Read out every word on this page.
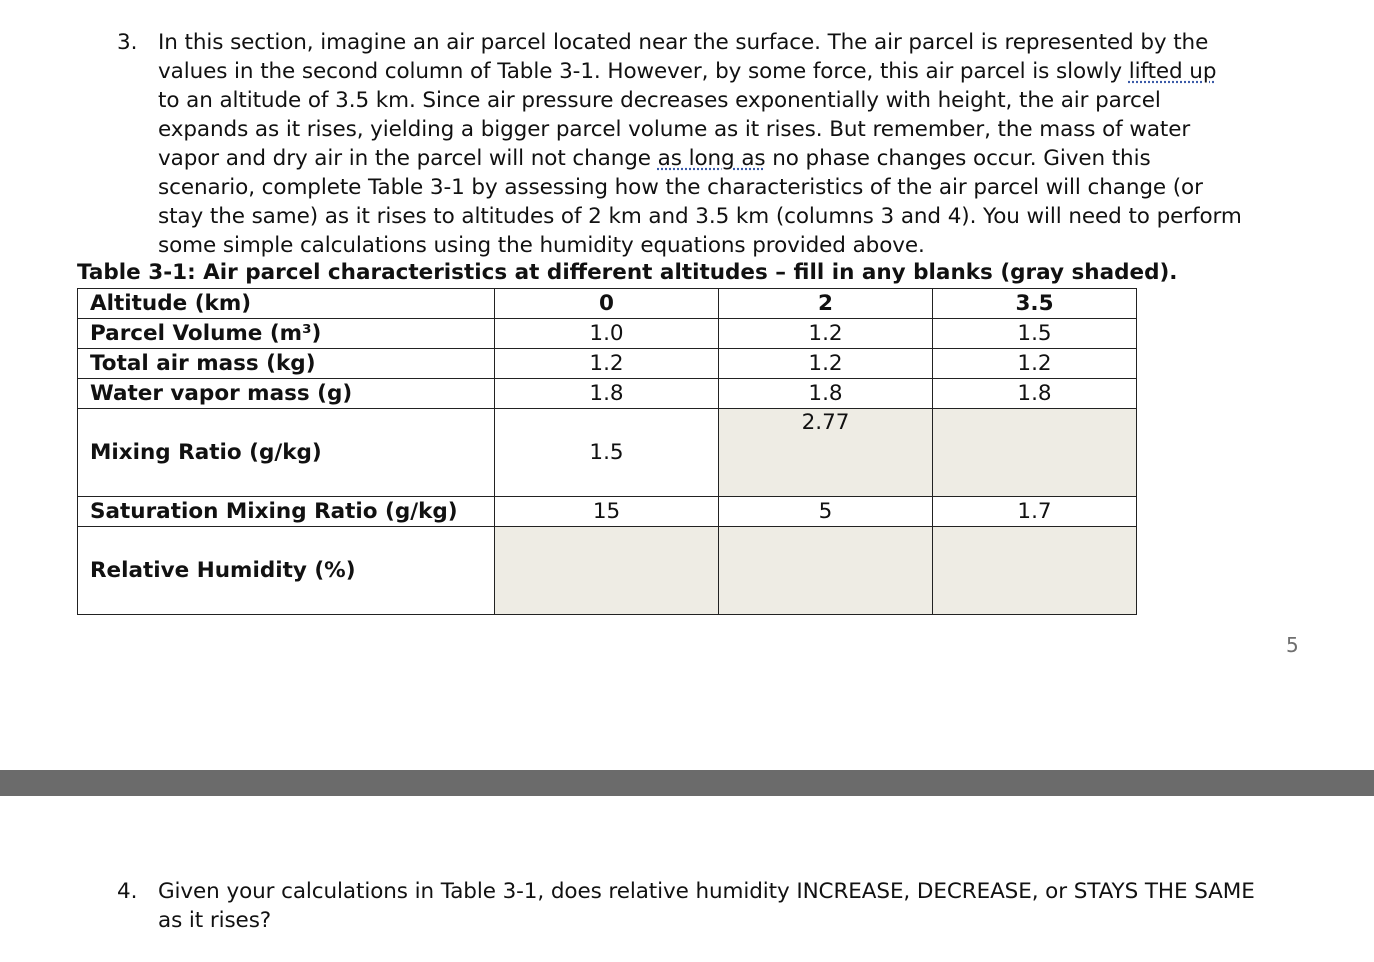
3. In this section, imagine an air parcel located near the surface. The air parcel is represented by the
values in the second column of Table 3-1. However, by some force, this air parcel is slowly lifted up
to an altitude of 3.5 km. Since air pressure decreases exponentially with height, the air parcel
expands as it rises, yielding a bigger parcel volume as it rises. But remember, the mass of water
vapor and dry air in the parcel will not change as long as no phase changes occur. Given this
scenario, complete Table 3-1 by assessing how the characteristics of the air parcel will change (or
stay the same) as it rises to altitudes of 2 km and 3.5 km (columns 3 and 4). You will need to perform
some simple calculations using the humidity equations provided above.
Table 3-1: Air parcel characteristics at different altitudes – fill in any blanks (gray shaded).
Altitude (km)	0	2	3.5
Parcel Volume (m³)	1.0	1.2	1.5
Total air mass (kg)	1.2	1.2	1.2
Water vapor mass (g)	1.8	1.8	1.8
Mixing Ratio (g/kg)	1.5	2.77	
Saturation Mixing Ratio (g/kg)	15	5	1.7
Relative Humidity (%)			
5
4. Given your calculations in Table 3-1, does relative humidity INCREASE, DECREASE, or STAYS THE SAME
as it rises?
